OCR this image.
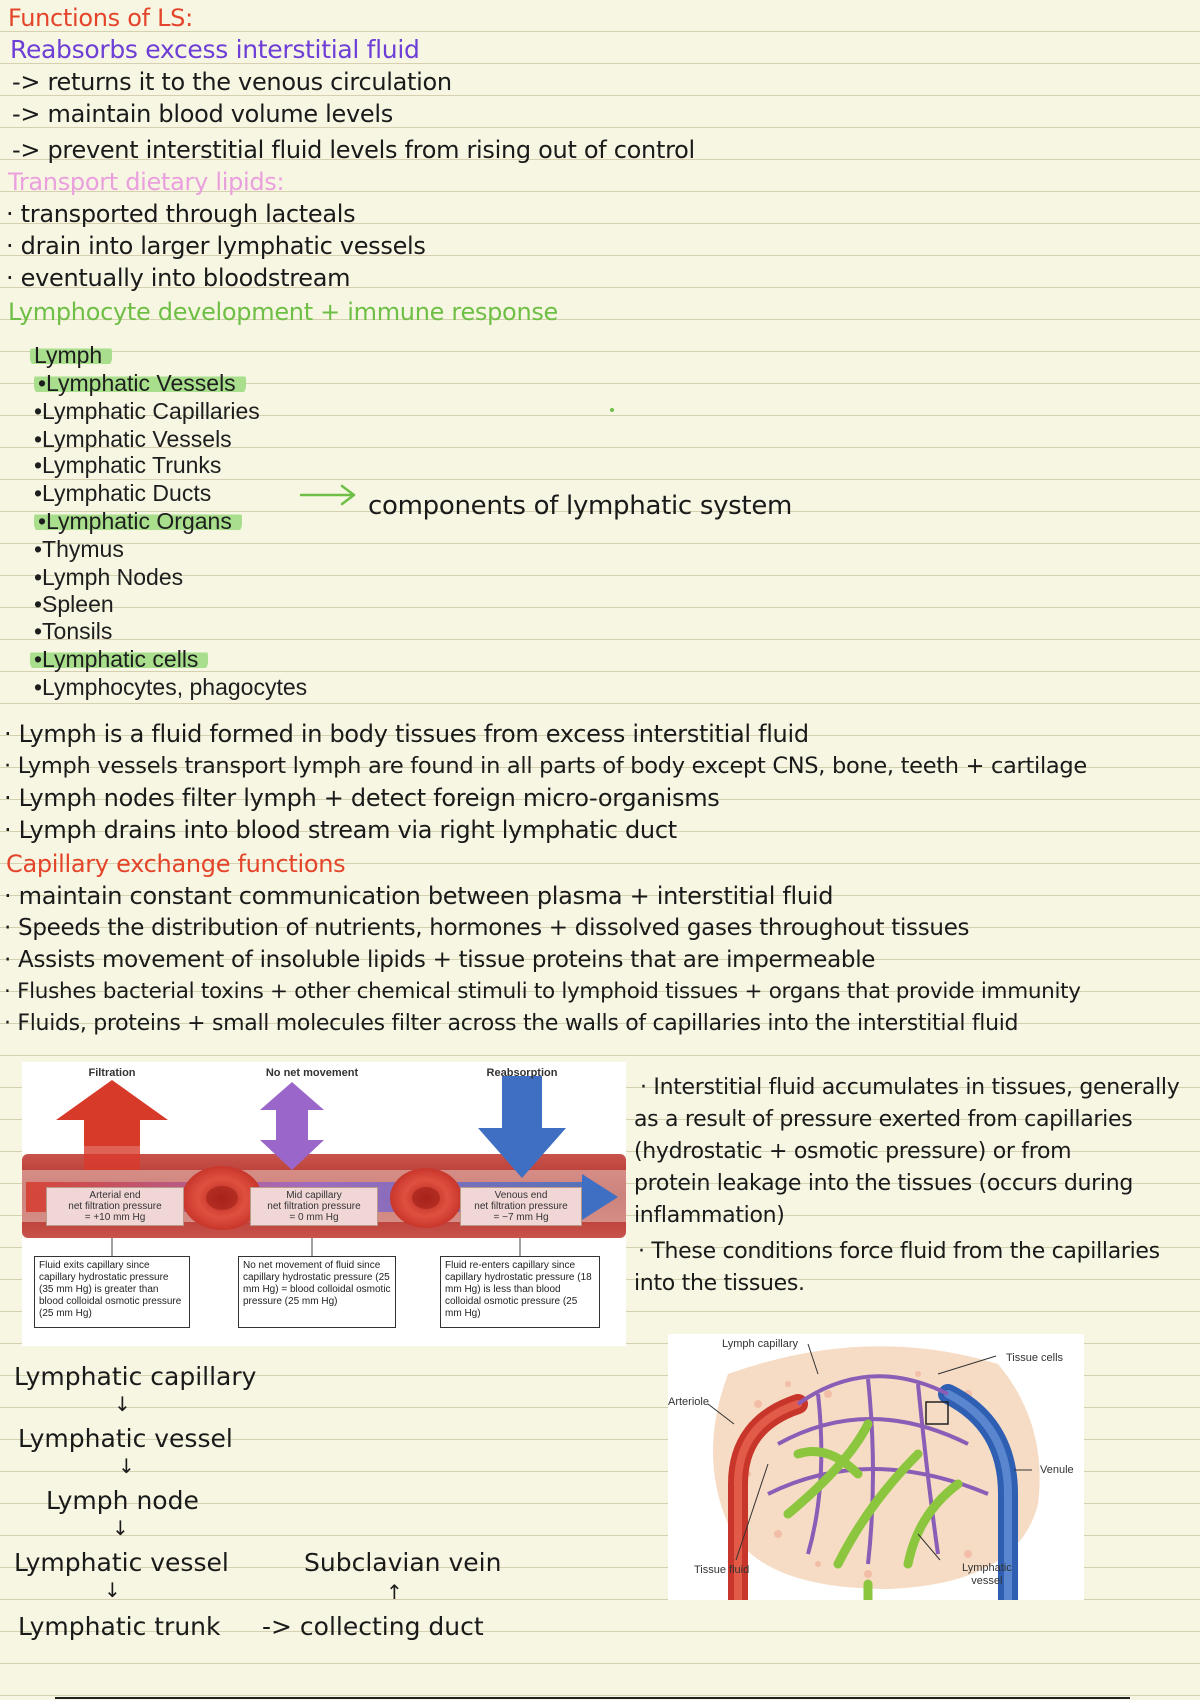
Functions of LS:
Reabsorbs excess interstitial fluid
-> returns it to the venous circulation
-> maintain blood volume levels
-> prevent interstitial fluid levels from rising out of control
Transport dietary lipids:
· transported through lacteals
· drain into larger lymphatic vessels
· eventually into bloodstream
Lymphocyte development + immune response
Lymph
•Lymphatic Vessels
•Lymphatic Capillaries
•Lymphatic Vessels
•Lymphatic Trunks
•Lymphatic Ducts
•Lymphatic Organs
•Thymus
•Lymph Nodes
•Spleen
•Tonsils
•Lymphatic cells
•Lymphocytes, phagocytes
components of lymphatic system
· Lymph is a fluid formed in body tissues from excess interstitial fluid
· Lymph vessels transport lymph are found in all parts of body except CNS, bone, teeth + cartilage
· Lymph nodes filter lymph + detect foreign micro-organisms
· Lymph drains into blood stream via right lymphatic duct
Capillary exchange functions
· maintain constant communication between plasma + interstitial fluid
· Speeds the distribution of nutrients, hormones + dissolved gases throughout tissues
· Assists movement of insoluble lipids + tissue proteins that are impermeable
· Flushes bacterial toxins + other chemical stimuli to lymphoid tissues + organs that provide immunity
· Fluids, proteins + small molecules filter across the walls of capillaries into the interstitial fluid
Filtration	No net movement	Reabsorption
Arterial end
net filtration pressure
= +10 mm Hg
Mid capillary
net filtration pressure
= 0 mm Hg
Venous end
net filtration pressure
= −7 mm Hg
Fluid exits capillary since capillary hydrostatic pressure (35 mm Hg) is greater than blood colloidal osmotic pressure (25 mm Hg)
No net movement of fluid since capillary hydrostatic pressure (25 mm Hg) = blood colloidal osmotic pressure (25 mm Hg)
Fluid re-enters capillary since capillary hydrostatic pressure (18 mm Hg) is less than blood colloidal osmotic pressure (25 mm Hg)
· Interstitial fluid accumulates in tissues, generally
as a result of pressure exerted from capillaries
(hydrostatic + osmotic pressure) or from
protein leakage into the tissues (occurs during
inflammation)
· These conditions force fluid from the capillaries
into the tissues.
Lymph capillary
Tissue cells
Arteriole
Venule
Tissue fluid	Lymphatic
vessel
Lymphatic capillary
↓
Lymphatic vessel
↓
Lymph node
↓
Lymphatic vessel
↓
Lymphatic trunk
Subclavian vein
↑
-> collecting duct
